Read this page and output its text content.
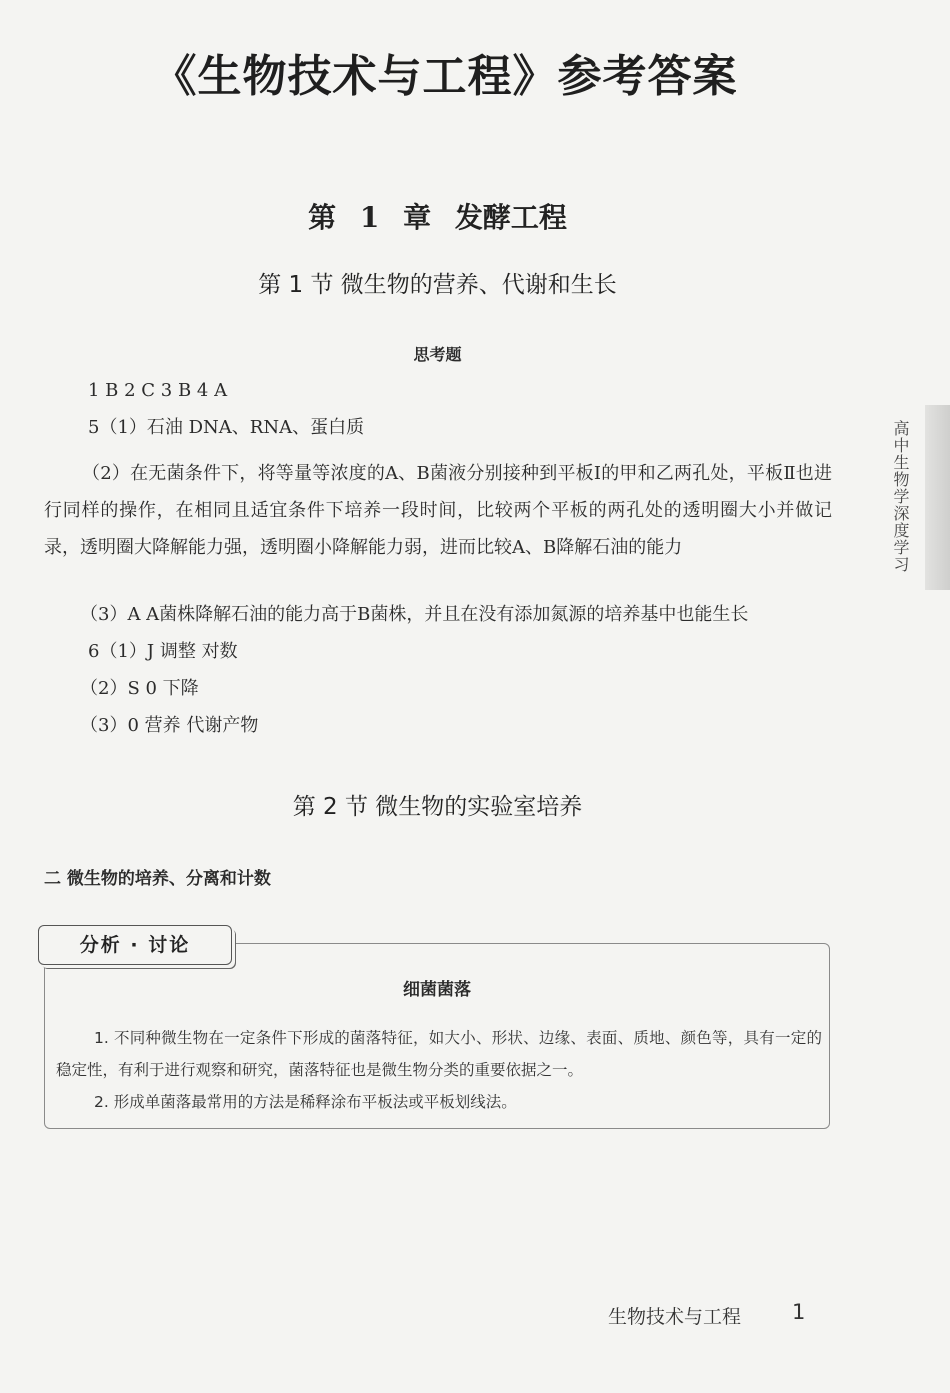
《生物技术与工程》参考答案
第 1 章 发酵工程
第 1 节 微生物的营养、代谢和生长
思考题
1 B 2 C 3 B 4 A
5（1）石油 DNA、RNA、蛋白质
（2）在无菌条件下，将等量等浓度的A、B菌液分别接种到平板Ⅰ的甲和乙两孔处，平板Ⅱ也进行同样的操作，在相同且适宜条件下培养一段时间，比较两个平板的两孔处的透明圈大小并做记录，透明圈大降解能力强，透明圈小降解能力弱，进而比较A、B降解石油的能力
（3）A A菌株降解石油的能力高于B菌株，并且在没有添加氮源的培养基中也能生长
6（1）J 调整 对数
（2）S 0 下降
（3）0 营养 代谢产物
第 2 节 微生物的实验室培养
二 微生物的培养、分离和计数
分析 · 讨论
细菌菌落

1. 不同种微生物在一定条件下形成的菌落特征，如大小、形状、边缘、表面、质地、颜色等，具有一定的稳定性，有利于进行观察和研究，菌落特征也是微生物分类的重要依据之一。

2. 形成单菌落最常用的方法是稀释涂布平板法或平板划线法。

高中生物学深度学习
生物技术与工程 1
